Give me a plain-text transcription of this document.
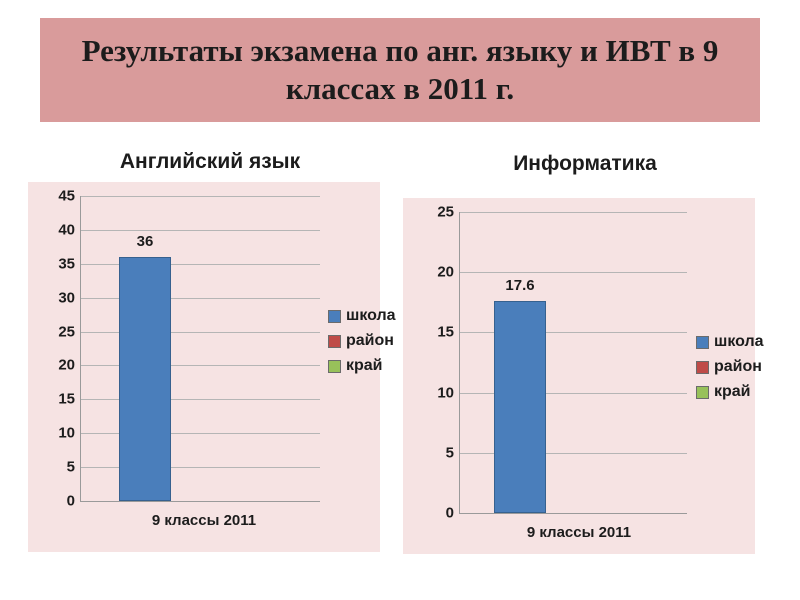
Результаты экзамена по анг. языку и ИВТ в 9 классах в 2011 г.
Английский язык
45
40
35
30
25
20
15
10
5
0
36
9 классы 2011
школа
район
край
Информатика
25
20
15
10
5
0
17.6
9 классы 2011
школа
район
край
